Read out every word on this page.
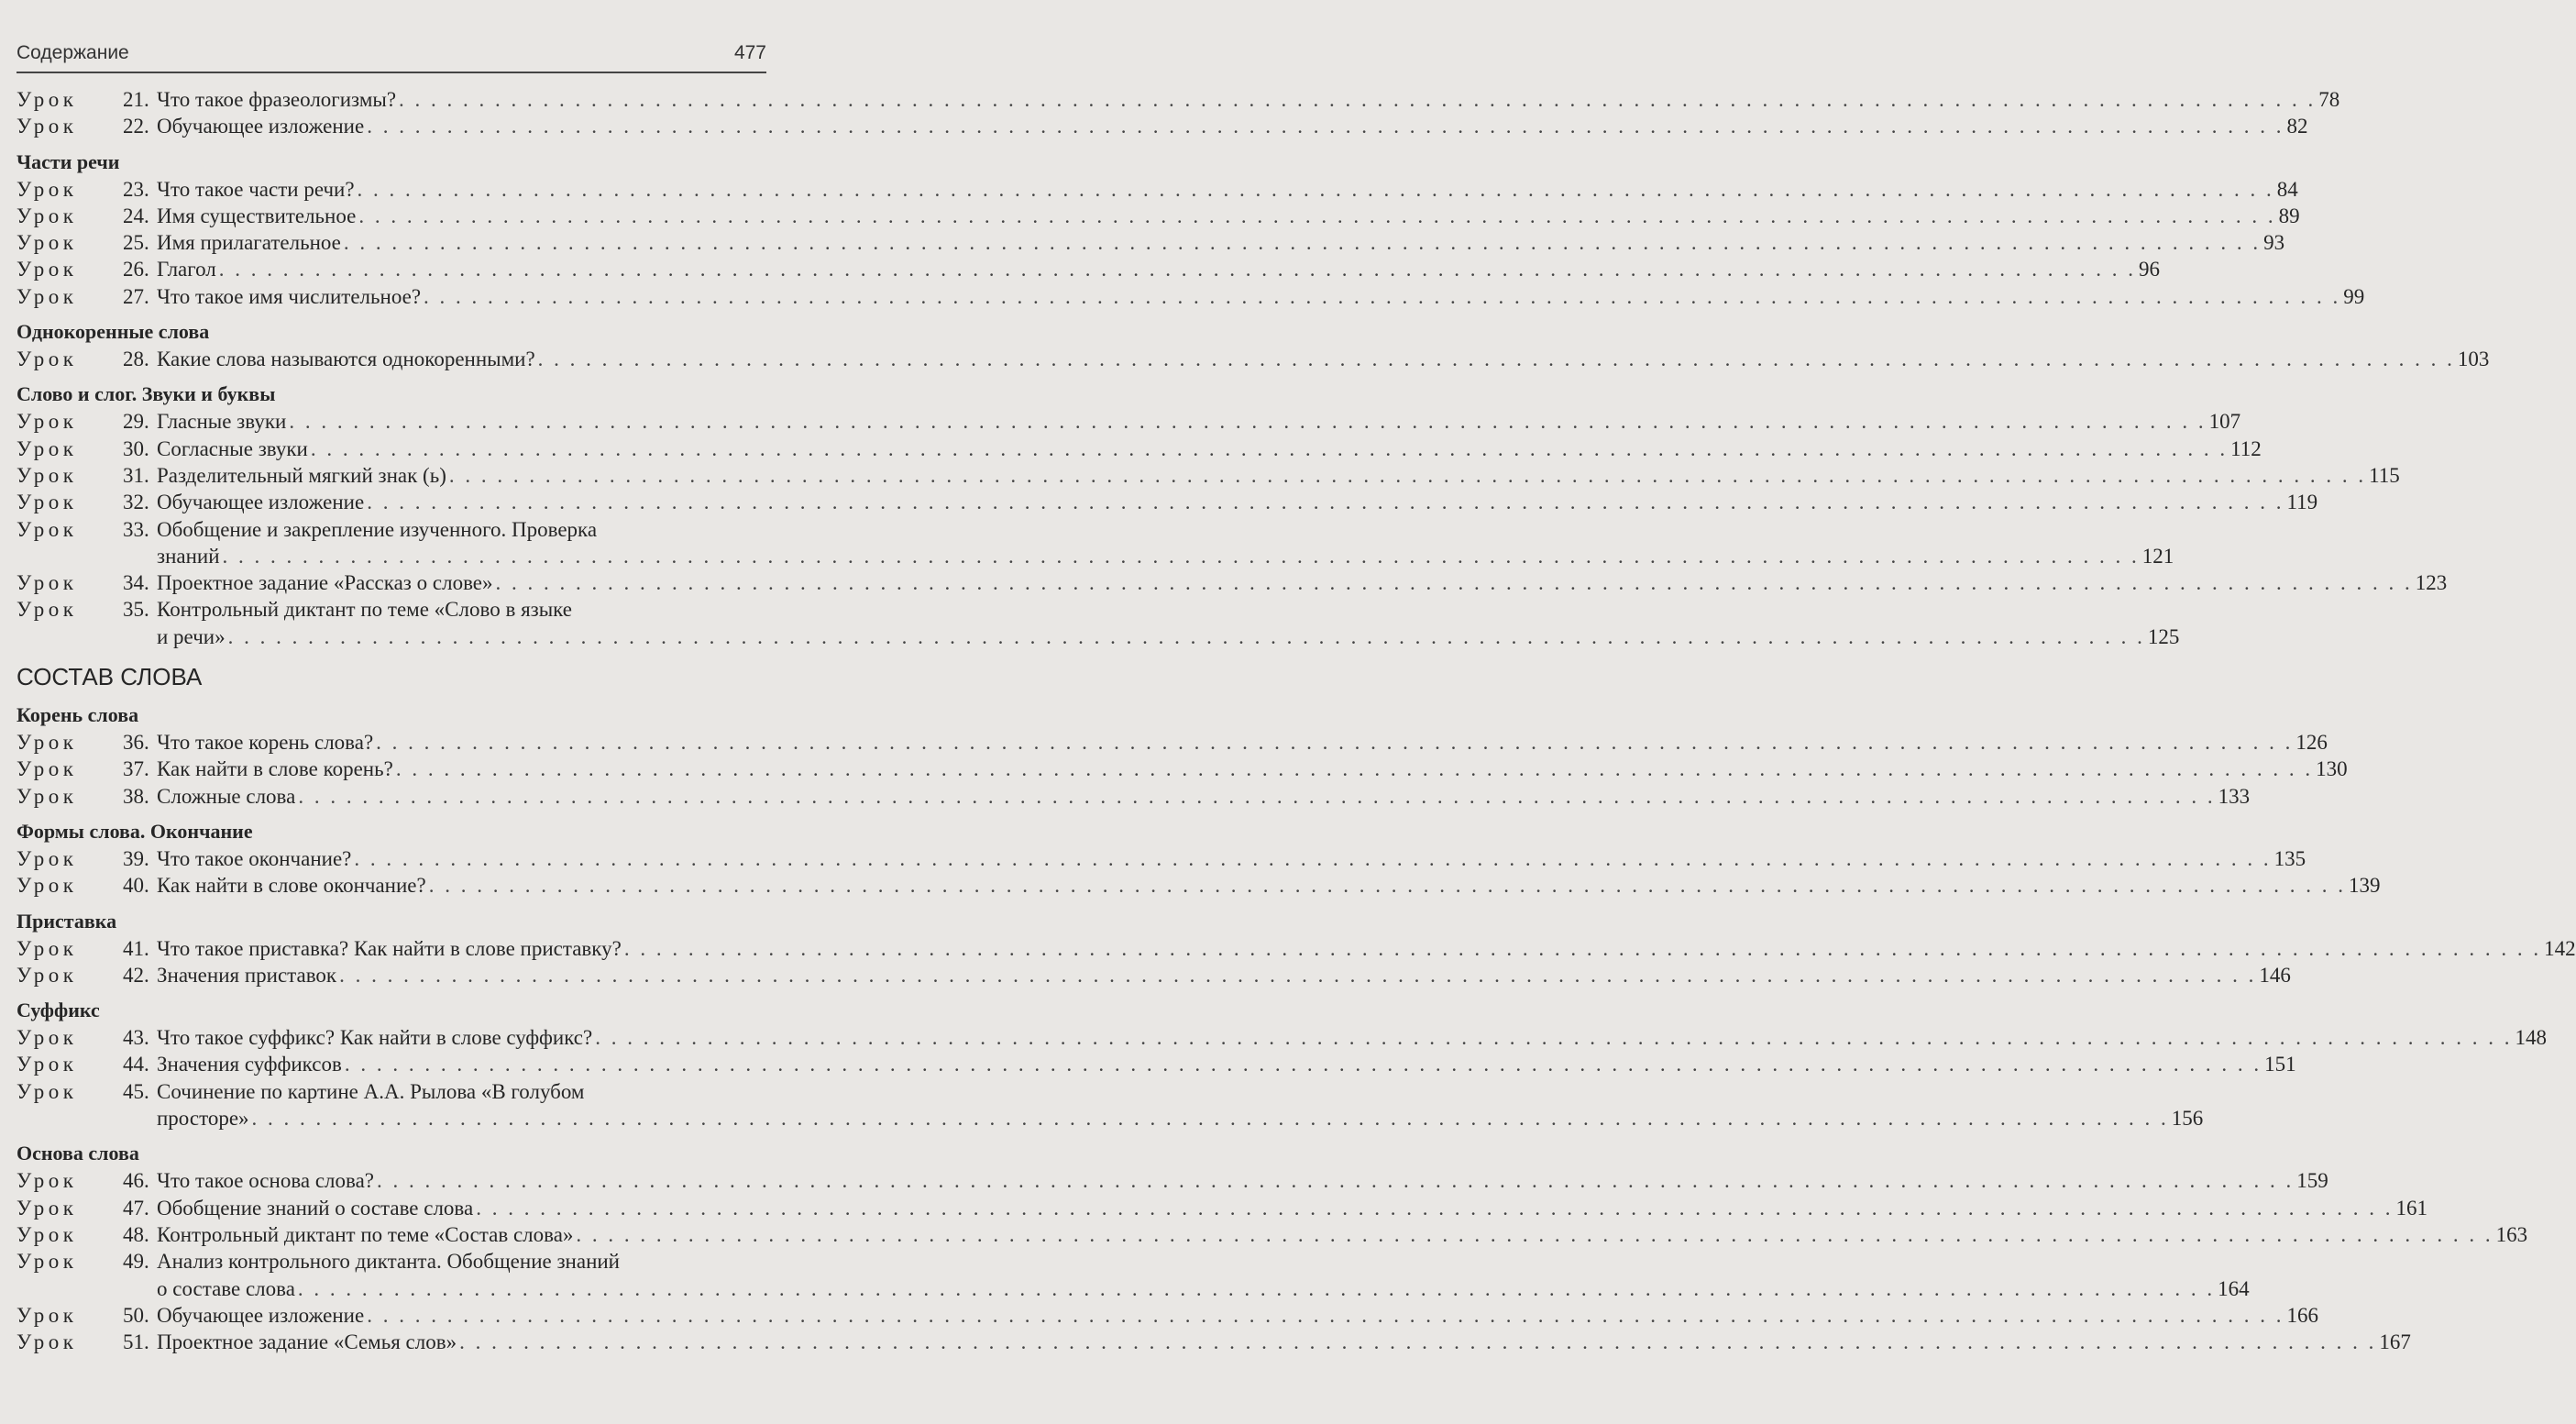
Содержание	477
Урок	21. Что такое фразеологизмы? . . . . . . . . . . . . . . . . . . . . . . . . . . . . . . . . . . . . . . . . . . . . . . . . . . . . . . . . . . . . . . . . . . . . . . . . . . . . . . . . . . . . . . . . . . . . . . . . . . . . . . . . . . . . . . . . . . . . . . . . 78
Урок	22. Обучающее изложение . . . . . . . . . . . . . . . . . . . . . . . . . . . . . . . . . . . . . . . . . . . . . . . . . . . . . . . . . . . . . . . . . . . . . . . . . . . . . . . . . . . . . . . . . . . . . . . . . . . . . . . . . . . . . . . . . . . . . . . . 82
Части речи
Урок	23. Что такое части речи? . . . . . . . . . . . . . . . . . . . . . . . . . . . . . . . . . . . . . . . . . . . . . . . . . . . . . . . . . . . . . . . . . . . . . . . . . . . . . . . . . . . . . . . . . . . . . . . . . . . . . . . . . . . . . . . . . . . . . . . . 84
Урок	24. Имя существительное . . . . . . . . . . . . . . . . . . . . . . . . . . . . . . . . . . . . . . . . . . . . . . . . . . . . . . . . . . . . . . . . . . . . . . . . . . . . . . . . . . . . . . . . . . . . . . . . . . . . . . . . . . . . . . . . . . . . . . . . 89
Урок	25. Имя прилагательное . . . . . . . . . . . . . . . . . . . . . . . . . . . . . . . . . . . . . . . . . . . . . . . . . . . . . . . . . . . . . . . . . . . . . . . . . . . . . . . . . . . . . . . . . . . . . . . . . . . . . . . . . . . . . . . . . . . . . . . . 93
Урок	26. Глагол . . . . . . . . . . . . . . . . . . . . . . . . . . . . . . . . . . . . . . . . . . . . . . . . . . . . . . . . . . . . . . . . . . . . . . . . . . . . . . . . . . . . . . . . . . . . . . . . . . . . . . . . . . . . . . . . . . . . . . . . 96
Урок	27. Что такое имя числительное? . . . . . . . . . . . . . . . . . . . . . . . . . . . . . . . . . . . . . . . . . . . . . . . . . . . . . . . . . . . . . . . . . . . . . . . . . . . . . . . . . . . . . . . . . . . . . . . . . . . . . . . . . . . . . . . . . . . . . . . . 99
Однокоренные слова
Урок	28. Какие слова называются однокоренными? . . . . . . . . . . . . . . . . . . . . . . . . . . . . . . . . . . . . . . . . . . . . . . . . . . . . . . . . . . . . . . . . . . . . . . . . . . . . . . . . . . . . . . . . . . . . . . . . . . . . . . . . . . . . . . . . . . . . . . . . 103
Слово и слог. Звуки и буквы
Урок	29. Гласные звуки . . . . . . . . . . . . . . . . . . . . . . . . . . . . . . . . . . . . . . . . . . . . . . . . . . . . . . . . . . . . . . . . . . . . . . . . . . . . . . . . . . . . . . . . . . . . . . . . . . . . . . . . . . . . . . . . . . . . . . . . 107
Урок	30. Согласные звуки . . . . . . . . . . . . . . . . . . . . . . . . . . . . . . . . . . . . . . . . . . . . . . . . . . . . . . . . . . . . . . . . . . . . . . . . . . . . . . . . . . . . . . . . . . . . . . . . . . . . . . . . . . . . . . . . . . . . . . . . 112
Урок	31. Разделительный мягкий знак (ь) . . . . . . . . . . . . . . . . . . . . . . . . . . . . . . . . . . . . . . . . . . . . . . . . . . . . . . . . . . . . . . . . . . . . . . . . . . . . . . . . . . . . . . . . . . . . . . . . . . . . . . . . . . . . . . . . . . . . . . . . 115
Урок	32. Обучающее изложение . . . . . . . . . . . . . . . . . . . . . . . . . . . . . . . . . . . . . . . . . . . . . . . . . . . . . . . . . . . . . . . . . . . . . . . . . . . . . . . . . . . . . . . . . . . . . . . . . . . . . . . . . . . . . . . . . . . . . . . . 119
Урок	33. Обобщение и закрепление изученного. Проверка
знаний . . . . . . . . . . . . . . . . . . . . . . . . . . . . . . . . . . . . . . . . . . . . . . . . . . . . . . . . . . . . . . . . . . . . . . . . . . . . . . . . . . . . . . . . . . . . . . . . . . . . . . . . . . . . . . . . . . . . . . . . 121
Урок	34. Проектное задание «Рассказ о слове» . . . . . . . . . . . . . . . . . . . . . . . . . . . . . . . . . . . . . . . . . . . . . . . . . . . . . . . . . . . . . . . . . . . . . . . . . . . . . . . . . . . . . . . . . . . . . . . . . . . . . . . . . . . . . . . . . . . . . . . . 123
Урок	35. Контрольный диктант по теме «Слово в языке
и речи» . . . . . . . . . . . . . . . . . . . . . . . . . . . . . . . . . . . . . . . . . . . . . . . . . . . . . . . . . . . . . . . . . . . . . . . . . . . . . . . . . . . . . . . . . . . . . . . . . . . . . . . . . . . . . . . . . . . . . . . . 125
СОСТАВ СЛОВА
Корень слова
Урок	36. Что такое корень слова? . . . . . . . . . . . . . . . . . . . . . . . . . . . . . . . . . . . . . . . . . . . . . . . . . . . . . . . . . . . . . . . . . . . . . . . . . . . . . . . . . . . . . . . . . . . . . . . . . . . . . . . . . . . . . . . . . . . . . . . . 126
Урок	37. Как найти в слове корень? . . . . . . . . . . . . . . . . . . . . . . . . . . . . . . . . . . . . . . . . . . . . . . . . . . . . . . . . . . . . . . . . . . . . . . . . . . . . . . . . . . . . . . . . . . . . . . . . . . . . . . . . . . . . . . . . . . . . . . . . 130
Урок	38. Сложные слова . . . . . . . . . . . . . . . . . . . . . . . . . . . . . . . . . . . . . . . . . . . . . . . . . . . . . . . . . . . . . . . . . . . . . . . . . . . . . . . . . . . . . . . . . . . . . . . . . . . . . . . . . . . . . . . . . . . . . . . . 133
Формы слова. Окончание
Урок	39. Что такое окончание? . . . . . . . . . . . . . . . . . . . . . . . . . . . . . . . . . . . . . . . . . . . . . . . . . . . . . . . . . . . . . . . . . . . . . . . . . . . . . . . . . . . . . . . . . . . . . . . . . . . . . . . . . . . . . . . . . . . . . . . . 135
Урок	40. Как найти в слове окончание? . . . . . . . . . . . . . . . . . . . . . . . . . . . . . . . . . . . . . . . . . . . . . . . . . . . . . . . . . . . . . . . . . . . . . . . . . . . . . . . . . . . . . . . . . . . . . . . . . . . . . . . . . . . . . . . . . . . . . . . . 139
Приставка
Урок	41. Что такое приставка? Как найти в слове приставку? . . . . . . . . . . . . . . . . . . . . . . . . . . . . . . . . . . . . . . . . . . . . . . . . . . . . . . . . . . . . . . . . . . . . . . . . . . . . . . . . . . . . . . . . . . . . . . . . . . . . . . . . . . . . . . . . . . . . . . . . 142
Урок	42. Значения приставок . . . . . . . . . . . . . . . . . . . . . . . . . . . . . . . . . . . . . . . . . . . . . . . . . . . . . . . . . . . . . . . . . . . . . . . . . . . . . . . . . . . . . . . . . . . . . . . . . . . . . . . . . . . . . . . . . . . . . . . . 146
Суффикс
Урок	43. Что такое суффикс? Как найти в слове суффикс? . . . . . . . . . . . . . . . . . . . . . . . . . . . . . . . . . . . . . . . . . . . . . . . . . . . . . . . . . . . . . . . . . . . . . . . . . . . . . . . . . . . . . . . . . . . . . . . . . . . . . . . . . . . . . . . . . . . . . . . . 148
Урок	44. Значения суффиксов . . . . . . . . . . . . . . . . . . . . . . . . . . . . . . . . . . . . . . . . . . . . . . . . . . . . . . . . . . . . . . . . . . . . . . . . . . . . . . . . . . . . . . . . . . . . . . . . . . . . . . . . . . . . . . . . . . . . . . . . 151
Урок	45. Сочинение по картине А.А. Рылова «В голубом
просторе» . . . . . . . . . . . . . . . . . . . . . . . . . . . . . . . . . . . . . . . . . . . . . . . . . . . . . . . . . . . . . . . . . . . . . . . . . . . . . . . . . . . . . . . . . . . . . . . . . . . . . . . . . . . . . . . . . . . . . . . . 156
Основа слова
Урок	46. Что такое основа слова? . . . . . . . . . . . . . . . . . . . . . . . . . . . . . . . . . . . . . . . . . . . . . . . . . . . . . . . . . . . . . . . . . . . . . . . . . . . . . . . . . . . . . . . . . . . . . . . . . . . . . . . . . . . . . . . . . . . . . . . . 159
Урок	47. Обобщение знаний о составе слова . . . . . . . . . . . . . . . . . . . . . . . . . . . . . . . . . . . . . . . . . . . . . . . . . . . . . . . . . . . . . . . . . . . . . . . . . . . . . . . . . . . . . . . . . . . . . . . . . . . . . . . . . . . . . . . . . . . . . . . . 161
Урок	48. Контрольный диктант по теме «Состав слова» . . . . . . . . . . . . . . . . . . . . . . . . . . . . . . . . . . . . . . . . . . . . . . . . . . . . . . . . . . . . . . . . . . . . . . . . . . . . . . . . . . . . . . . . . . . . . . . . . . . . . . . . . . . . . . . . . . . . . . . . 163
Урок	49. Анализ контрольного диктанта. Обобщение знаний
о составе слова . . . . . . . . . . . . . . . . . . . . . . . . . . . . . . . . . . . . . . . . . . . . . . . . . . . . . . . . . . . . . . . . . . . . . . . . . . . . . . . . . . . . . . . . . . . . . . . . . . . . . . . . . . . . . . . . . . . . . . . . 164
Урок	50. Обучающее изложение . . . . . . . . . . . . . . . . . . . . . . . . . . . . . . . . . . . . . . . . . . . . . . . . . . . . . . . . . . . . . . . . . . . . . . . . . . . . . . . . . . . . . . . . . . . . . . . . . . . . . . . . . . . . . . . . . . . . . . . . 166
Урок	51. Проектное задание «Семья слов» . . . . . . . . . . . . . . . . . . . . . . . . . . . . . . . . . . . . . . . . . . . . . . . . . . . . . . . . . . . . . . . . . . . . . . . . . . . . . . . . . . . . . . . . . . . . . . . . . . . . . . . . . . . . . . . . . . . . . . . . 167
